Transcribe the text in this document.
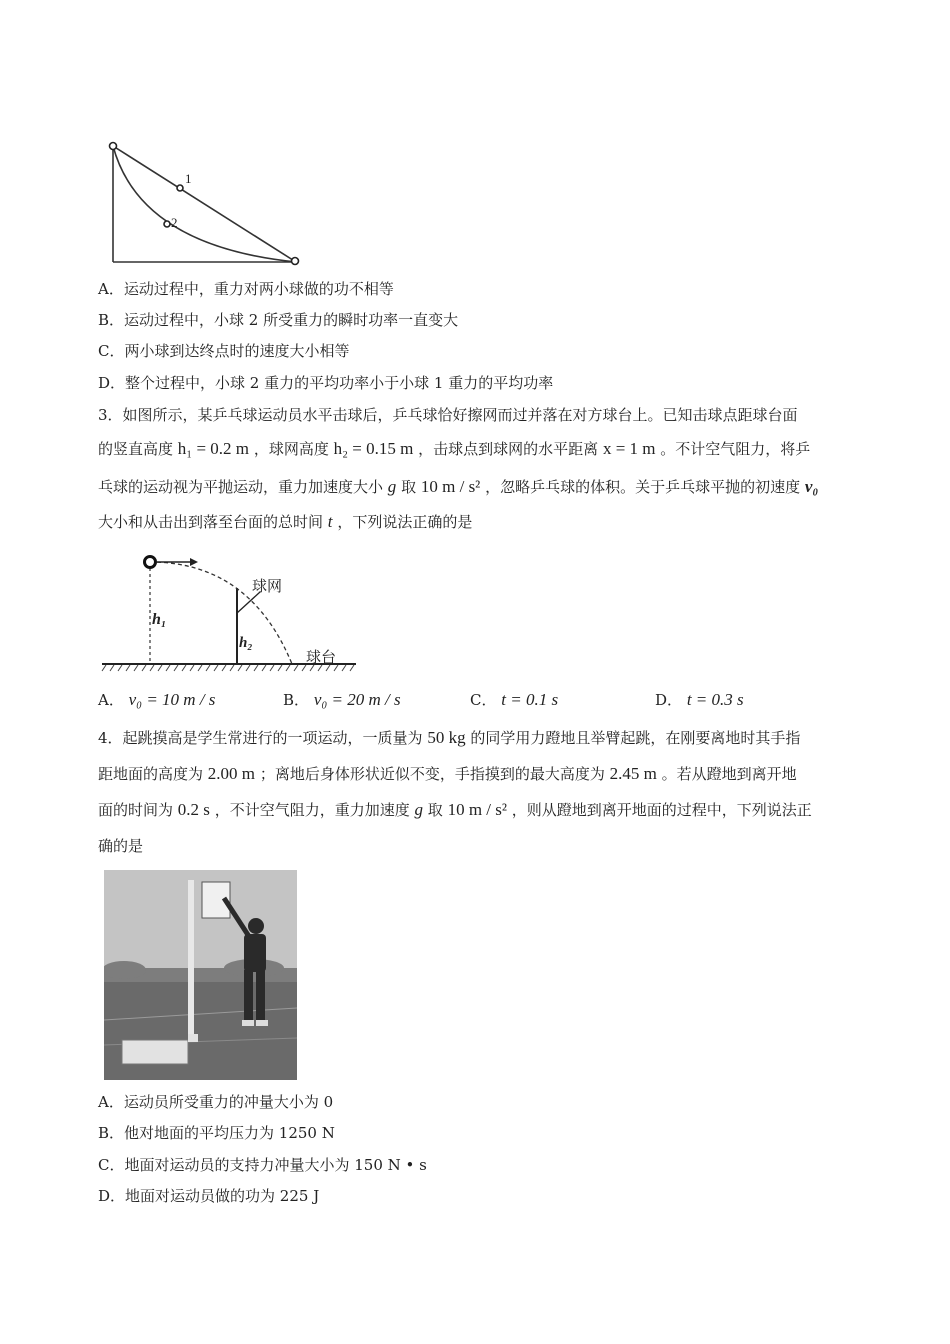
1
2
A．运动过程中，重力对两小球做的功不相等
B．运动过程中，小球 2 所受重力的瞬时功率一直变大
C．两小球到达终点时的速度大小相等
D．整个过程中，小球 2 重力的平均功率小于小球 1 重力的平均功率
3．如图所示，某乒乓球运动员水平击球后，乒乓球恰好擦网而过并落在对方球台上。已知击球点距球台面
的竖直高度 h₁ = 0.2 m ，球网高度 h₂ = 0.15 m ，击球点到球网的水平距离 x = 1 m 。不计空气阻力，将乒
乓球的运动视为平抛运动，重力加速度大小 g 取 10 m / s² ，忽略乒乓球的体积。关于乒乓球平抛的初速度 v₀
大小和从击出到落至台面的总时间 t ，下列说法正确的是
球网
球台
h₁
h₂
A． v₀ = 10 m / s	B． v₀ = 20 m / s	C． t = 0.1 s	D． t = 0.3 s
4．起跳摸高是学生常进行的一项运动，一质量为 50 kg 的同学用力蹬地且举臂起跳，在刚要离地时其手指
距地面的高度为 2.00 m ；离地后身体形状近似不变，手指摸到的最大高度为 2.45 m 。若从蹬地到离开地
面的时间为 0.2 s ，不计空气阻力，重力加速度 g 取 10 m / s² ，则从蹬地到离开地面的过程中，下列说法正
确的是
A．运动员所受重力的冲量大小为 0
B．他对地面的平均压力为 1250 N
C．地面对运动员的支持力冲量大小为 150 N • s
D．地面对运动员做的功为 225 J
